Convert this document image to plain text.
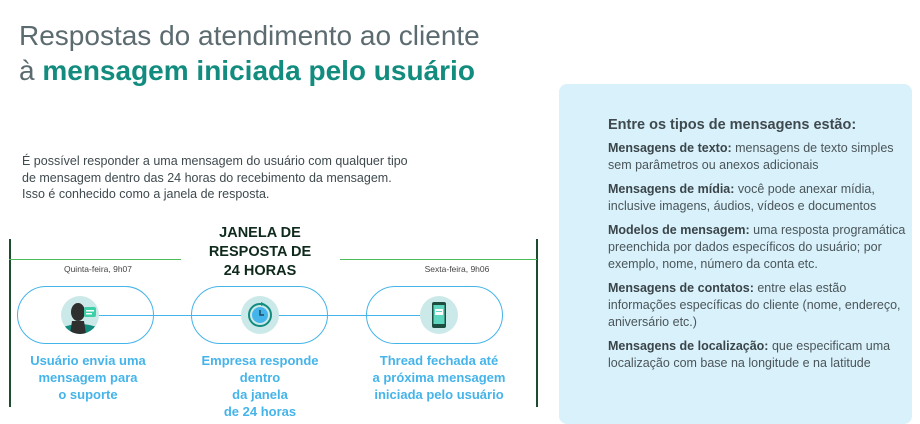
Respostas do atendimento ao cliente
à mensagem iniciada pelo usuário
É possível responder a uma mensagem do usuário com qualquer tipo
de mensagem dentro das 24 horas do recebimento da mensagem.
Isso é conhecido como a janela de resposta.
JANELA DE
RESPOSTA DE
24 HORAS
Quinta-feira, 9h07	Sexta-feira, 9h06
Usuário envia uma
mensagem para
o suporte
Empresa responde dentro
da janela
de 24 horas
Thread fechada até
a próxima mensagem
iniciada pelo usuário
Entre os tipos de mensagens estão:

Mensagens de texto: mensagens de texto simples sem parâmetros ou anexos adicionais

Mensagens de mídia: você pode anexar mídia, inclusive imagens, áudios, vídeos e documentos

Modelos de mensagem: uma resposta programática preenchida por dados específicos do usuário; por exemplo, nome, número da conta etc.

Mensagens de contatos: entre elas estão informações específicas do cliente (nome, endereço, aniversário etc.)

Mensagens de localização: que especificam uma localização com base na longitude e na latitude
